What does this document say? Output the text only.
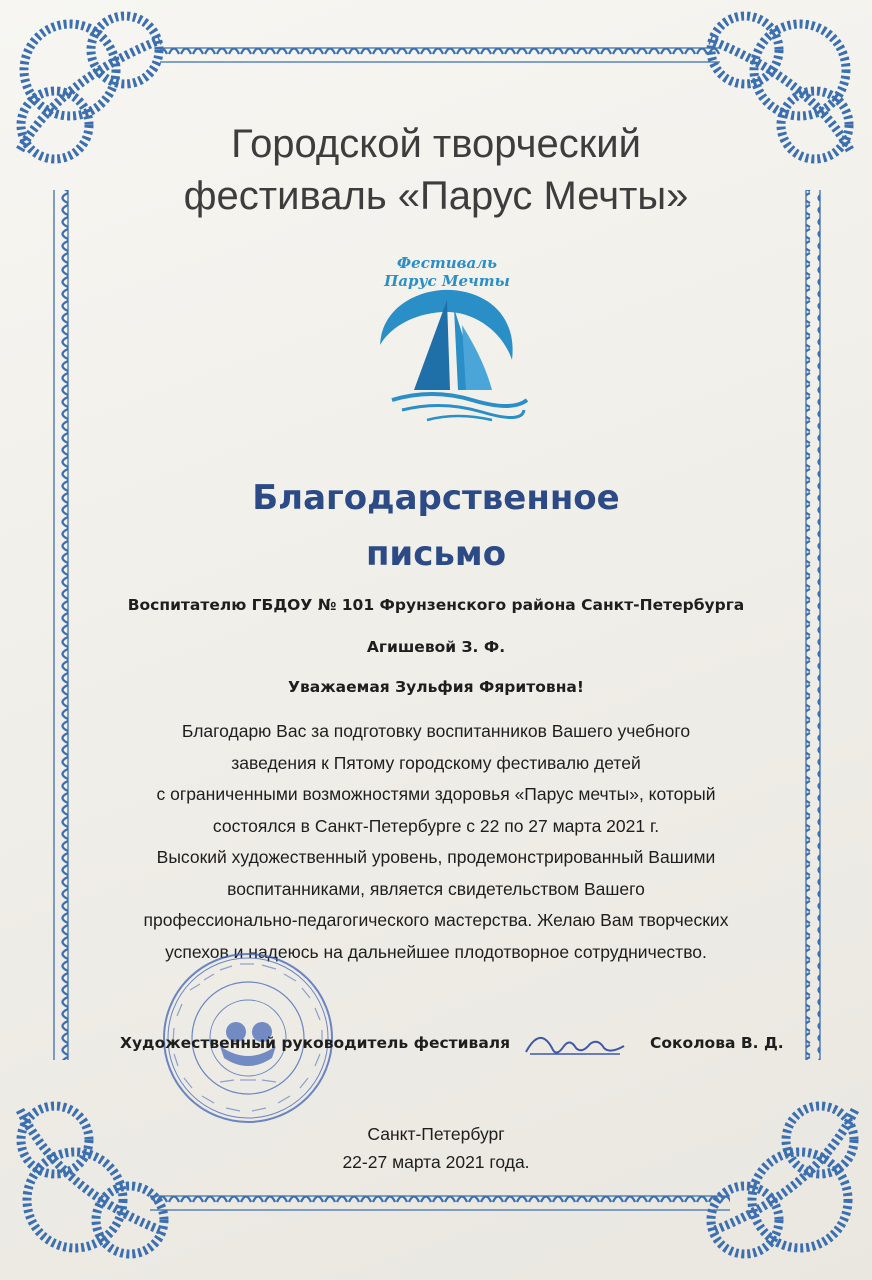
Городской творческий
фестиваль «Парус Мечты»
Фестиваль
Парус Мечты
Благодарственное
письмо
Воспитателю ГБДОУ № 101 Фрунзенского района Санкт-Петербурга
Агишевой З. Ф.
Уважаемая Зульфия Фяритовна!
Благодарю Вас за подготовку воспитанников Вашего учебного
заведения к Пятому городскому фестивалю детей
с ограниченными возможностями здоровья «Парус мечты», который
состоялся в Санкт-Петербурге с 22 по 27 марта 2021 г.
Высокий художественный уровень, продемонстрированный Вашими
воспитанниками, является свидетельством Вашего
профессионально-педагогического мастерства. Желаю Вам творческих
успехов и надеюсь на дальнейшее плодотворное сотрудничество.
Художественный руководитель фестиваля	Соколова В. Д.
Санкт-Петербург
22-27 марта 2021 года.
